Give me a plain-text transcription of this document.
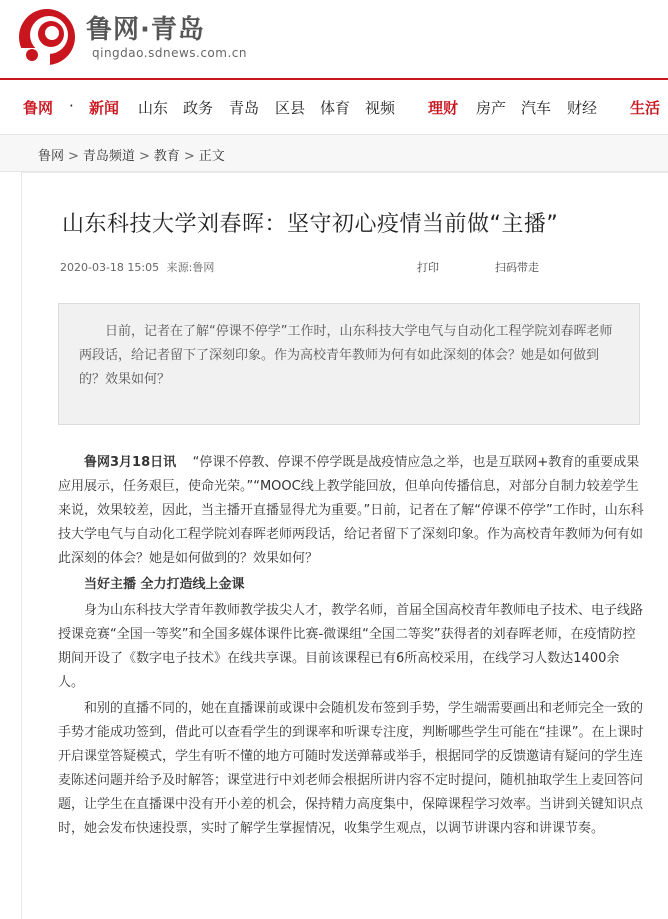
鲁网·青岛
qingdao.sdnews.com.cn
鲁网 · 新闻 山东 政务 青岛 区县 体育 视频 理财 房产 汽车 财经 生活
鲁网 > 青岛频道 > 教育 > 正文
山东科技大学刘春晖：坚守初心疫情当前做“主播”
2020-03-18 15:05 来源:鲁网	打印	扫码带走
日前，记者在了解“停课不停学”工作时，山东科技大学电气与自动化工程学院刘春晖老师两段话，给记者留下了深刻印象。作为高校青年教师为何有如此深刻的体会？她是如何做到的？效果如何？

鲁网3月18日讯 “停课不停教、停课不停学既是战疫情应急之举，也是互联网+教育的重要成果应用展示，任务艰巨，使命光荣。”“MOOC线上教学能回放，但单向传播信息，对部分自制力较差学生来说，效果较差，因此，当主播开直播显得尤为重要。”日前，记者在了解“停课不停学”工作时，山东科技大学电气与自动化工程学院刘春晖老师两段话，给记者留下了深刻印象。作为高校青年教师为何有如此深刻的体会？她是如何做到的？效果如何？

当好主播 全力打造线上金课

身为山东科技大学青年教师教学拔尖人才，教学名师，首届全国高校青年教师电子技术、电子线路授课竞赛“全国一等奖”和全国多媒体课件比赛-微课组“全国二等奖”获得者的刘春晖老师，在疫情防控期间开设了《数字电子技术》在线共享课。目前该课程已有6所高校采用，在线学习人数达1400余人。

和别的直播不同的，她在直播课前或课中会随机发布签到手势，学生端需要画出和老师完全一致的手势才能成功签到，借此可以查看学生的到课率和听课专注度，判断哪些学生可能在“挂课”。在上课时开启课堂答疑模式，学生有听不懂的地方可随时发送弹幕或举手，根据同学的反馈邀请有疑问的学生连麦陈述问题并给予及时解答；课堂进行中刘老师会根据所讲内容不定时提问，随机抽取学生上麦回答问题，让学生在直播课中没有开小差的机会，保持精力高度集中，保障课程学习效率。当讲到关键知识点时，她会发布快速投票，实时了解学生掌握情况，收集学生观点，以调节讲课内容和讲课节奏。
